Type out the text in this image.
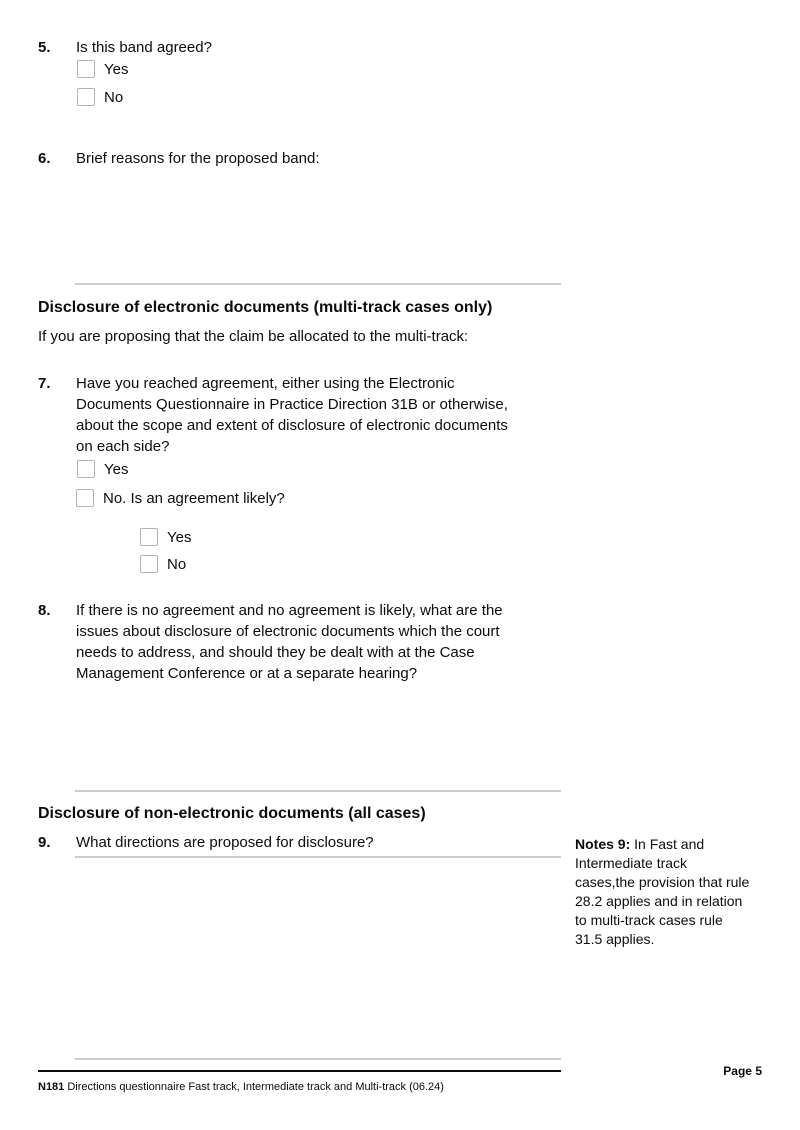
5. Is this band agreed?
Yes
No
6. Brief reasons for the proposed band:
Disclosure of electronic documents (multi-track cases only)
If you are proposing that the claim be allocated to the multi-track:
7. Have you reached agreement, either using the Electronic
Documents Questionnaire in Practice Direction 31B or otherwise,
about the scope and extent of disclosure of electronic documents
on each side?
Yes
No. Is an agreement likely?
Yes
No
8. If there is no agreement and no agreement is likely, what are the
issues about disclosure of electronic documents which the court
needs to address, and should they be dealt with at the Case
Management Conference or at a separate hearing?
Disclosure of non-electronic documents (all cases)
9. What directions are proposed for disclosure?	Notes 9: In Fast and
Intermediate track
cases,the provision that rule
28.2 applies and in relation
to multi-track cases rule
31.5 applies.
Page 5
N181 Directions questionnaire Fast track, Intermediate track and Multi-track (06.24)
